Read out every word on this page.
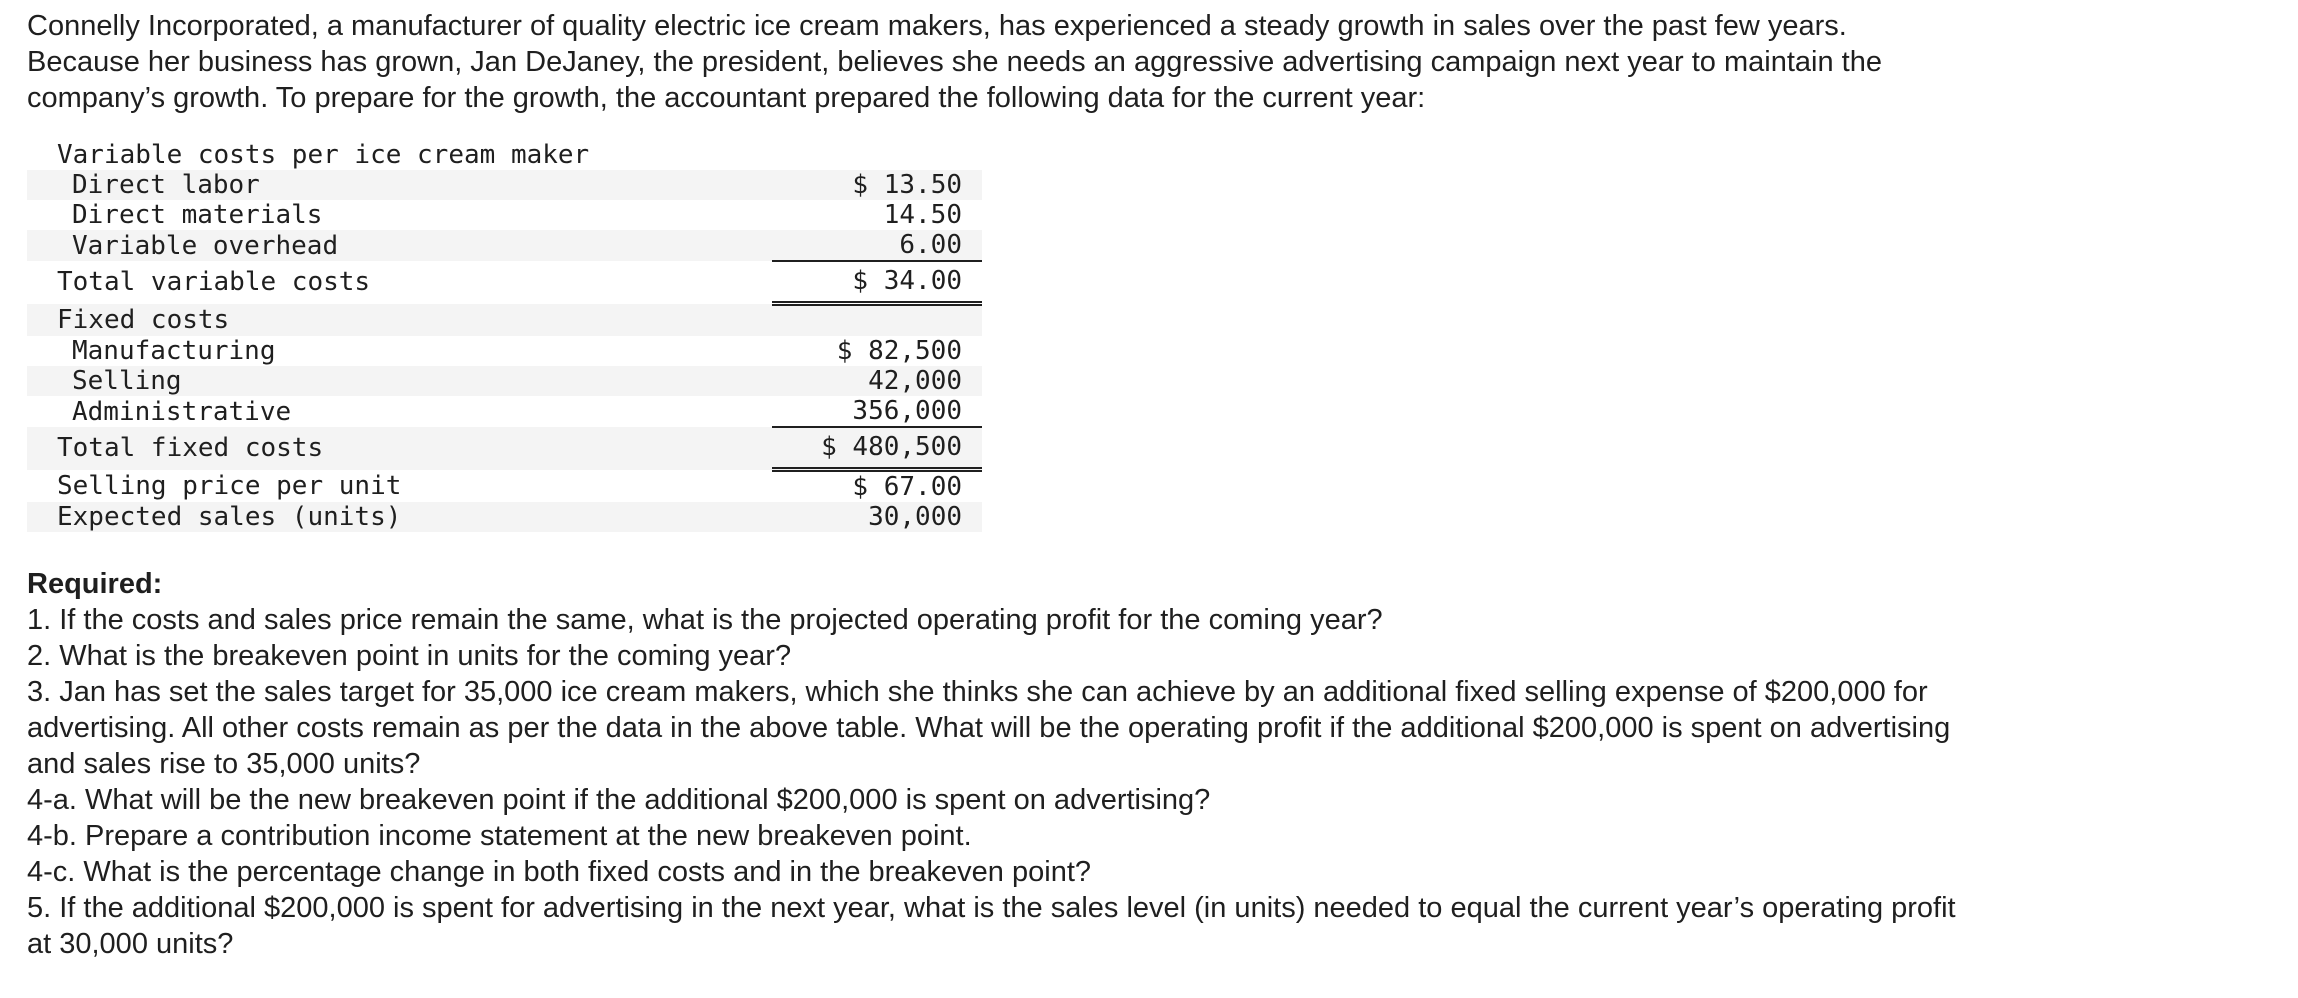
Connelly Incorporated, a manufacturer of quality electric ice cream makers, has experienced a steady growth in sales over the past few years. Because her business has grown, Jan DeJaney, the president, believes she needs an aggressive advertising campaign next year to maintain the company’s growth. To prepare for the growth, the accountant prepared the following data for the current year:

Variable costs per ice cream maker	
Direct labor	$ 13.50
Direct materials	14.50
Variable overhead	6.00
Total variable costs	$ 34.00
Fixed costs	
Manufacturing	$ 82,500
Selling	42,000
Administrative	356,000
Total fixed costs	$ 480,500
Selling price per unit	$ 67.00
Expected sales (units)	30,000
Required:

1. If the costs and sales price remain the same, what is the projected operating profit for the coming year?

2. What is the breakeven point in units for the coming year?

3. Jan has set the sales target for 35,000 ice cream makers, which she thinks she can achieve by an additional fixed selling expense of $200,000 for advertising. All other costs remain as per the data in the above table. What will be the operating profit if the additional $200,000 is spent on advertising and sales rise to 35,000 units?

4-a. What will be the new breakeven point if the additional $200,000 is spent on advertising?

4-b. Prepare a contribution income statement at the new breakeven point.

4-c. What is the percentage change in both fixed costs and in the breakeven point?

5. If the additional $200,000 is spent for advertising in the next year, what is the sales level (in units) needed to equal the current year’s operating profit at 30,000 units?
